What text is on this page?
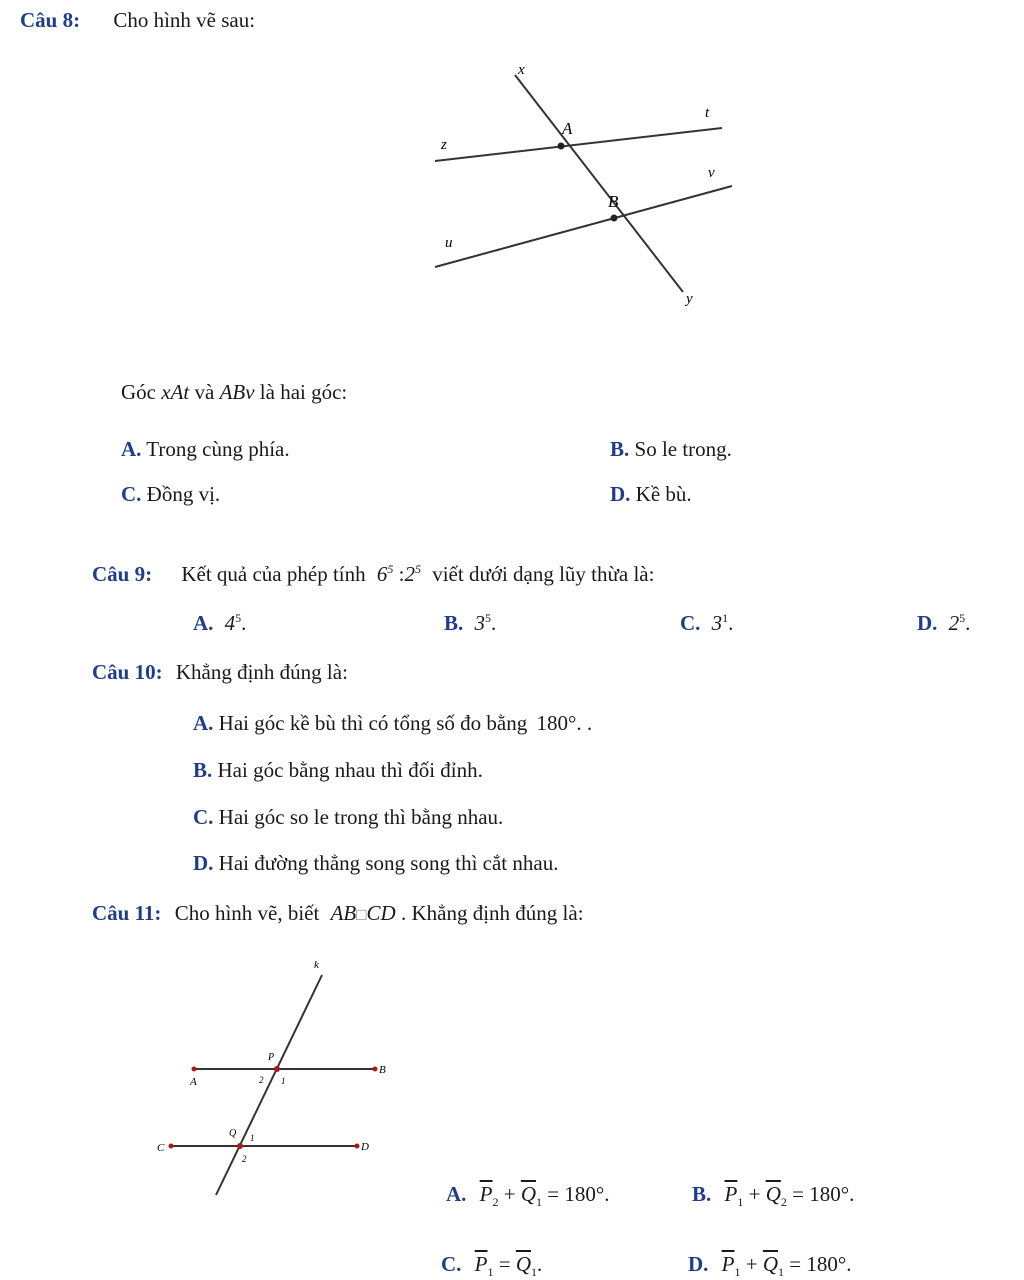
Câu 8: Cho hình vẽ sau:
x
t
z
A
v
B
u
y
Góc xAt và ABv là hai góc:
A. Trong cùng phía.	B. So le trong.
C. Đồng vị.	D. Kề bù.
Câu 9: Kết quả của phép tính $6^5$ $:2^5$ viết dưới dạng lũy thừa là:
A. $4^5$.	B. $3^5$.	C. $3^1$.	D. $2^5$.
Câu 10: Khẳng định đúng là:
A. Hai góc kề bù thì có tổng số đo bằng 180°. .
B. Hai góc bằng nhau thì đối đỉnh.
C. Hai góc so le trong thì bằng nhau.
D. Hai đường thẳng song song thì cắt nhau.
Câu 11: Cho hình vẽ, biết AB□CD . Khẳng định đúng là:
k
P
A
B
2 1
Q
C	D
1
2
A. $\overline{P}_2 + \overline{Q}_1 = 180^\circ$.	B. $\overline{P}_1 + \overline{Q}_2 = 180^\circ$.
C. $\overline{P}_1 = \overline{Q}_1$.	D. $\overline{P}_1 + \overline{Q}_1 = 180^\circ$.
